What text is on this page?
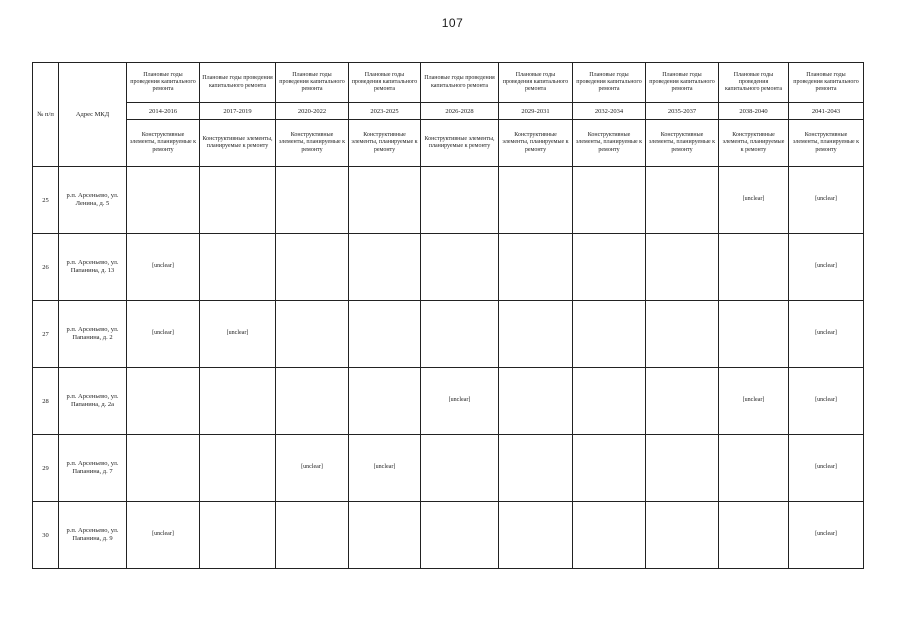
107
№ п/п	Адрес МКД	Плановые годы проведения капитального ремонта	Плановые годы проведения капитального ремонта	Плановые годы проведения капитального ремонта	Плановые годы проведения капитального ремонта	Плановые годы проведения капитального ремонта	Плановые годы проведения капитального ремонта	Плановые годы проведения капитального ремонта	Плановые годы проведения капитального ремонта	Плановые годы проведения капитального ремонта	Плановые годы проведения капитального ремонта
		2014-2016	2017-2019	2020-2022	2023-2025	2026-2028	2029-2031	2032-2034	2035-2037	2038-2040	2041-2043
		Конструктивные элементы, планируемые к ремонту	Конструктивные элементы, планируемые к ремонту	Конструктивные элементы, планируемые к ремонту	Конструктивные элементы, планируемые к ремонту	Конструктивные элементы, планируемые к ремонту	Конструктивные элементы, планируемые к ремонту	Конструктивные элементы, планируемые к ремонту	Конструктивные элементы, планируемые к ремонту	Конструктивные элементы, планируемые к ремонту	Конструктивные элементы, планируемые к ремонту
25	р.п. Арсеньево, ул. Ленина, д. 5									[unclear]	[unclear]
26	р.п. Арсеньево, ул. Папанина, д. 13	[unclear]									[unclear]
27	р.п. Арсеньево, ул. Папанина, д. 2	[unclear]	[unclear]								[unclear]
28	р.п. Арсеньево, ул. Папанина, д. 2а					[unclear]				[unclear]	[unclear]
29	р.п. Арсеньево, ул. Папанина, д. 7			[unclear]	[unclear]						[unclear]
30	р.п. Арсеньево, ул. Папанина, д. 9	[unclear]									[unclear]
